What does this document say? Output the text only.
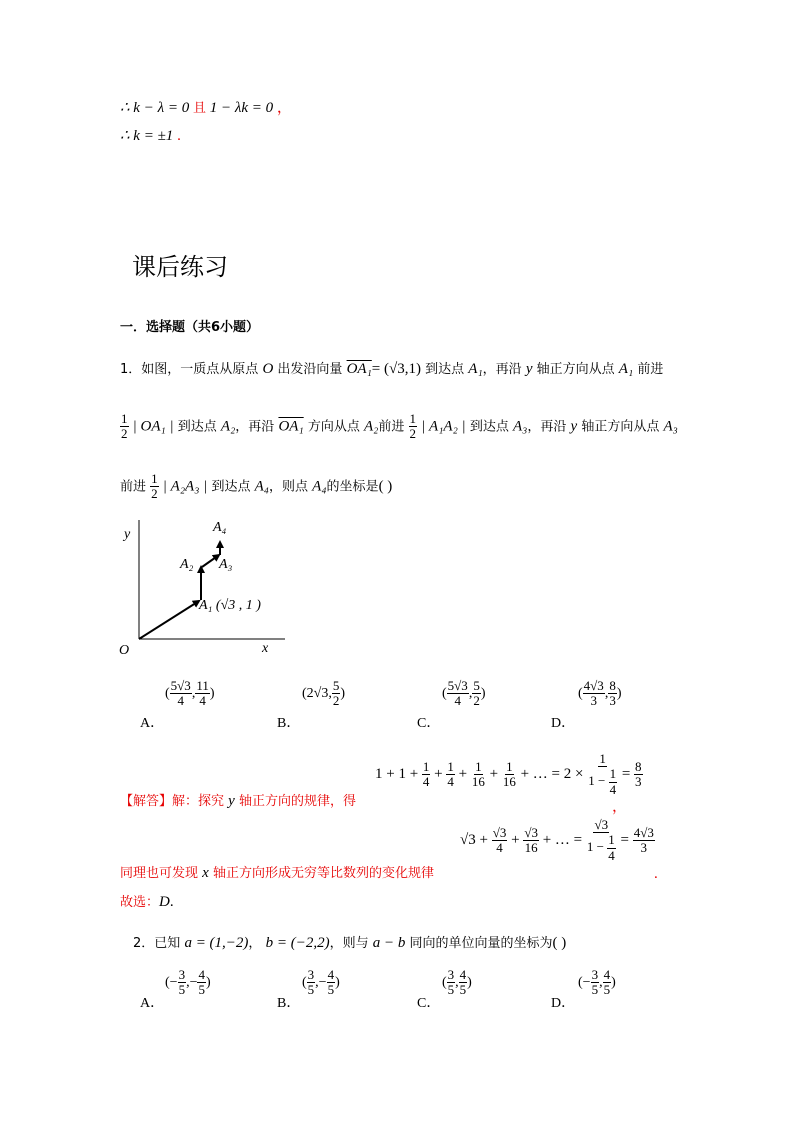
∴ k − λ = 0 且 1 − λk = 0 ，
∴ k = ±1 .
课后练习
一．选择题（共6小题）
1．如图，一质点从原点 O 出发沿向量 OA₁= (√3,1) 到达点 A₁，再沿 y 轴正方向从点 A₁ 前进
$\frac{1}{2}$ | OA₁ | 到达点 A₂，再沿 OA₁ 方向从点 A₂前进 $\frac{1}{2}$ | A₁A₂ | 到达点 A₃，再沿 y 轴正方向从点 A₃
前进 $\frac{1}{2}$ | A₂A₃ | 到达点 A₄，则点 A₄的坐标是( )
y
x
O
A₁ (√3 , 1 )
A₂ A₃
A₄
( $\frac{5√3}{4}$ , $\frac{11}{4}$ )
A．
(2√3, $\frac{5}{2}$ )
B．
( $\frac{5√3}{4}$ , $\frac{5}{2}$ )
C．
( $\frac{4√3}{3}$ , $\frac{8}{3}$ )
D．
$1 + 1 + \frac{1}{4} + \frac{1}{4} + \frac{1}{16} + \frac{1}{16}$ + … = $2 \times \frac{1}{1 - \frac{1}{4}} = \frac{8}{3}$
，
【解答】解：探究 y 轴正方向的规律，得
$√3 + \frac{√3}{4} + \frac{√3}{16}$ + … = $\frac{√3}{1 - \frac{1}{4}} = \frac{4√3}{3}$
同理也可发现 x 轴正方向形成无穷等比数列的变化规律	.
故选：D.
2．已知 a = (1,−2)， b = (−2,2)，则与 a − b 同向的单位向量的坐标为( )
(− $\frac{3}{5}$ ,− $\frac{4}{5}$ )
A．
( $\frac{3}{5}$ ,− $\frac{4}{5}$ )
B．
( $\frac{3}{5}$ , $\frac{4}{5}$ )
C．
(− $\frac{3}{5}$ , $\frac{4}{5}$ )
D．
